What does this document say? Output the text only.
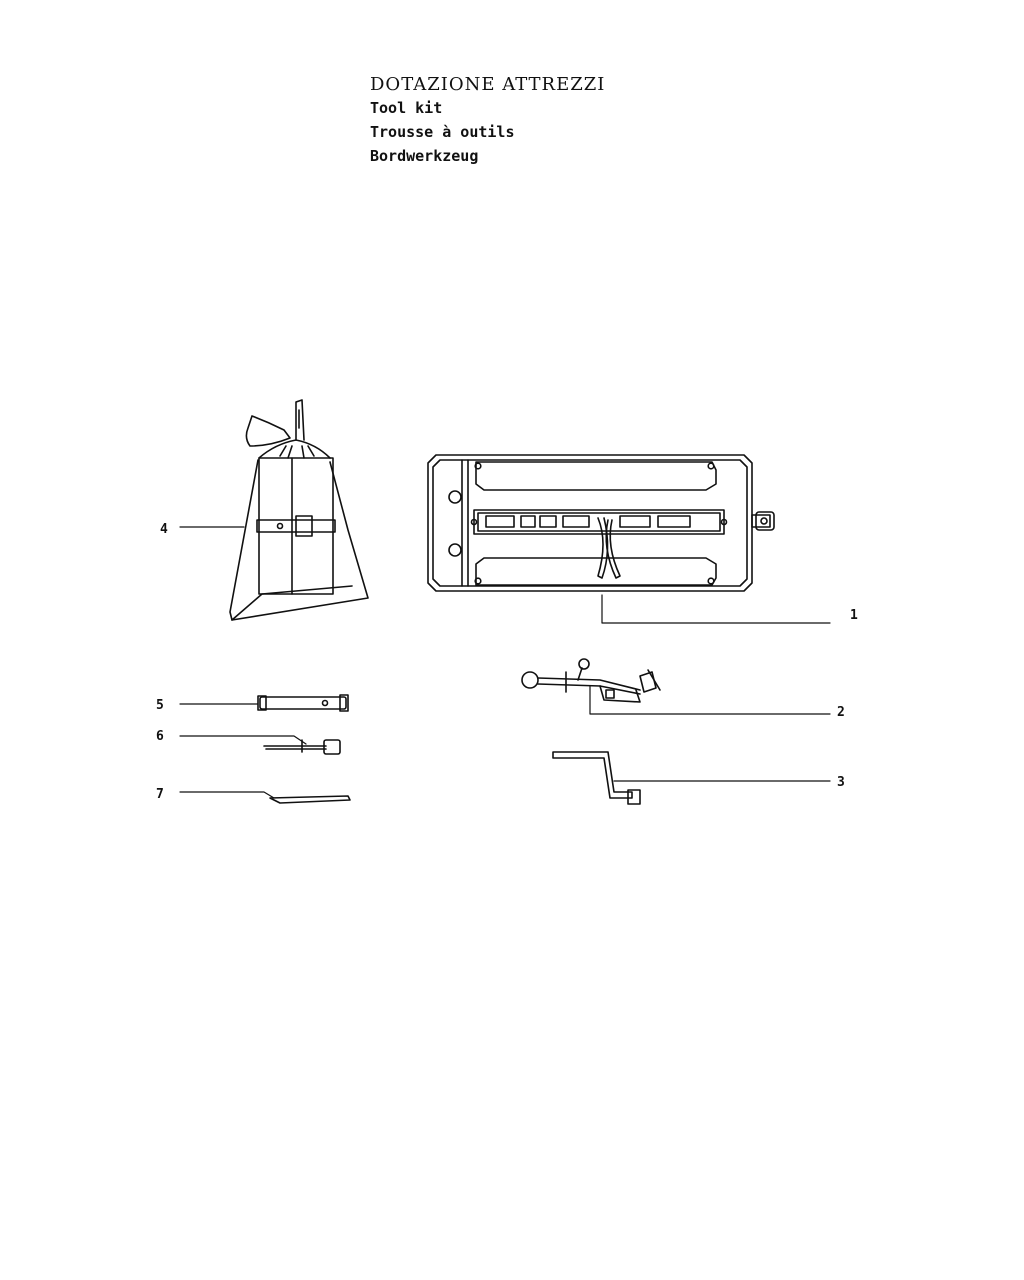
DOTAZIONE ATTREZZI
Tool kit
Trousse à outils
Bordwerkzeug
1
2
3
4
5
6
7
